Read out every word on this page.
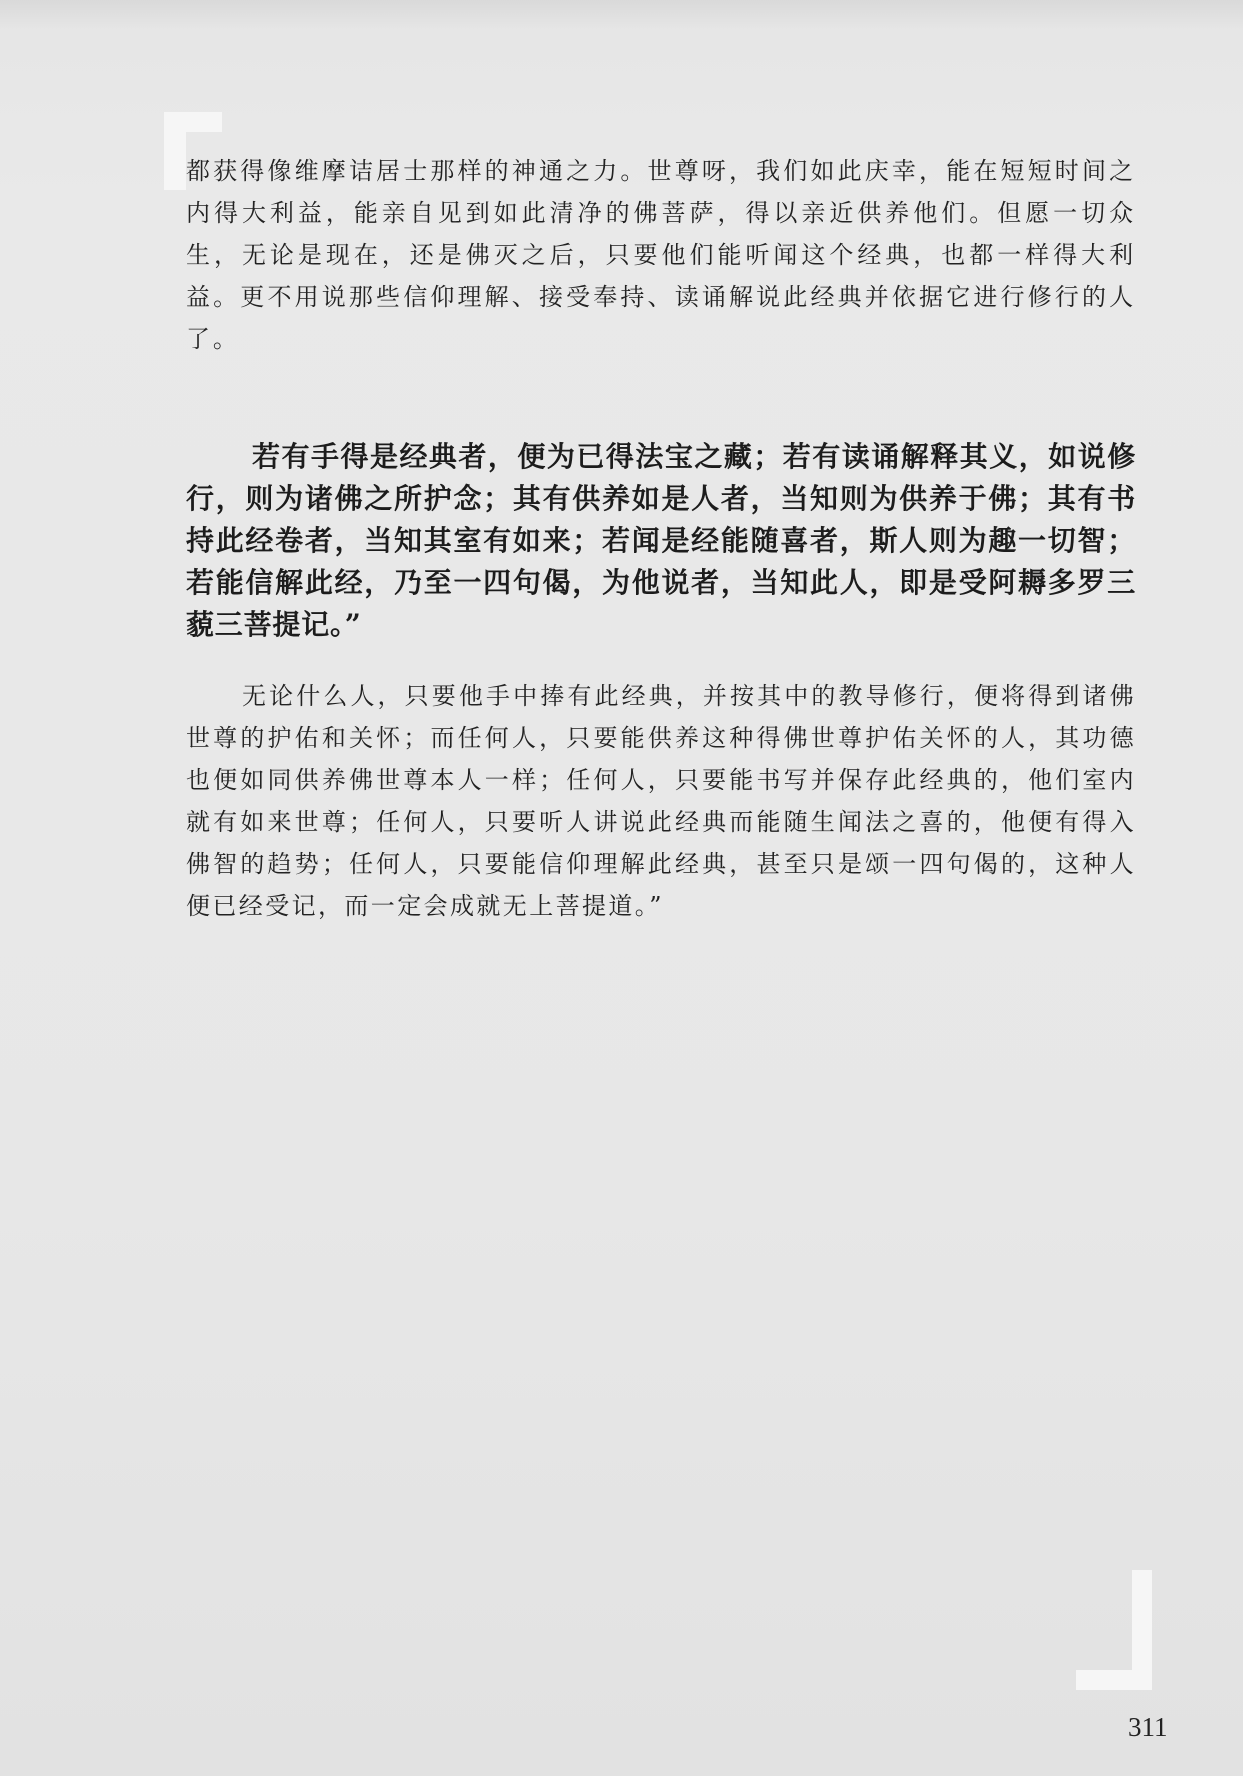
都获得像维摩诘居士那样的神通之力。世尊呀，我们如此庆幸，能在短短时间之内得大利益，能亲自见到如此清净的佛菩萨，得以亲近供养他们。但愿一切众生，无论是现在，还是佛灭之后，只要他们能听闻这个经典，也都一样得大利益。更不用说那些信仰理解、接受奉持、读诵解说此经典并依据它进行修行的人了。

若有手得是经典者，便为已得法宝之藏；若有读诵解释其义，如说修行，则为诸佛之所护念；其有供养如是人者，当知则为供养于佛；其有书持此经卷者，当知其室有如来；若闻是经能随喜者，斯人则为趣一切智；若能信解此经，乃至一四句偈，为他说者，当知此人，即是受阿耨多罗三藐三菩提记。”

无论什么人，只要他手中捧有此经典，并按其中的教导修行，便将得到诸佛世尊的护佑和关怀；而任何人，只要能供养这种得佛世尊护佑关怀的人，其功德也便如同供养佛世尊本人一样；任何人，只要能书写并保存此经典的，他们室内就有如来世尊；任何人，只要听人讲说此经典而能随生闻法之喜的，他便有得入佛智的趋势；任何人，只要能信仰理解此经典，甚至只是颂一四句偈的，这种人便已经受记，而一定会成就无上菩提道。”

311
